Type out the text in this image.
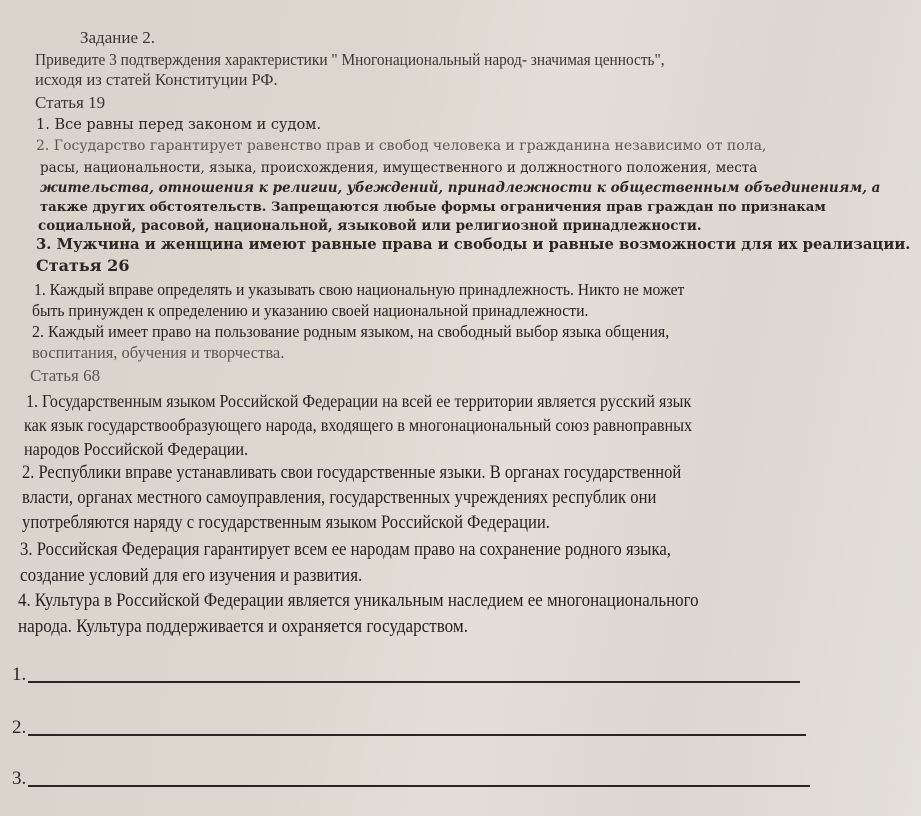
Задание 2.
Приведите 3 подтверждения характеристики " Многонациональный народ- значимая ценность",
исходя из статей Конституции РФ.
Статья 19
1. Все равны перед законом и судом.
2. Государство гарантирует равенство прав и свобод человека и гражданина независимо от пола,
расы, национальности, языка, происхождения, имущественного и должностного положения, места
жительства, отношения к религии, убеждений, принадлежности к общественным объединениям, а
также других обстоятельств. Запрещаются любые формы ограничения прав граждан по признакам
социальной, расовой, национальной, языковой или религиозной принадлежности.
3. Мужчина и женщина имеют равные права и свободы и равные возможности для их реализации.
Статья 26
1. Каждый вправе определять и указывать свою национальную принадлежность. Никто не может
быть принужден к определению и указанию своей национальной принадлежности.
2. Каждый имеет право на пользование родным языком, на свободный выбор языка общения,
воспитания, обучения и творчества.
Статья 68
1. Государственным языком Российской Федерации на всей ее территории является русский язык
как язык государствообразующего народа, входящего в многонациональный союз равноправных
народов Российской Федерации.
2. Республики вправе устанавливать свои государственные языки. В органах государственной
власти, органах местного самоуправления, государственных учреждениях республик они
употребляются наряду с государственным языком Российской Федерации.
3. Российская Федерация гарантирует всем ее народам право на сохранение родного языка,
создание условий для его изучения и развития.
4. Культура в Российской Федерации является уникальным наследием ее многонационального
народа. Культура поддерживается и охраняется государством.
1.
2.
3.
